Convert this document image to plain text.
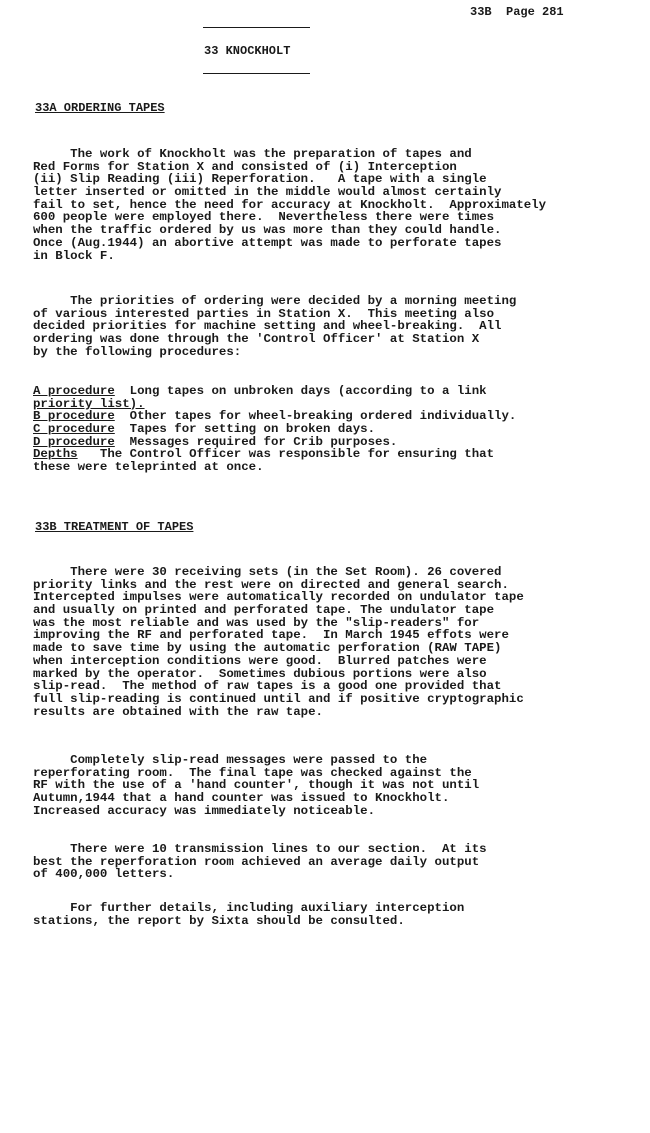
33B  Page 281
33 KNOCKHOLT
33A ORDERING TAPES
The work of Knockholt was the preparation of tapes and
Red Forms for Station X and consisted of (i) Interception
(ii) Slip Reading (iii) Reperforation.   A tape with a single
letter inserted or omitted in the middle would almost certainly
fail to set, hence the need for accuracy at Knockholt.  Approximately
600 people were employed there.  Nevertheless there were times
when the traffic ordered by us was more than they could handle.
Once (Aug.1944) an abortive attempt was made to perforate tapes
in Block F.
The priorities of ordering were decided by a morning meeting
of various interested parties in Station X.  This meeting also
decided priorities for machine setting and wheel-breaking.  All
ordering was done through the 'Control Officer' at Station X
by the following procedures:
A procedure  Long tapes on unbroken days (according to a link
priority list).
B procedure  Other tapes for wheel-breaking ordered individually.
C procedure  Tapes for setting on broken days.
D procedure  Messages required for Crib purposes.
Depths   The Control Officer was responsible for ensuring that
these were teleprinted at once.
33B TREATMENT OF TAPES
There were 30 receiving sets (in the Set Room). 26 covered
priority links and the rest were on directed and general search.
Intercepted impulses were automatically recorded on undulator tape
and usually on printed and perforated tape. The undulator tape
was the most reliable and was used by the "slip-readers" for
improving the RF and perforated tape.  In March 1945 effots were
made to save time by using the automatic perforation (RAW TAPE)
when interception conditions were good.  Blurred patches were
marked by the operator.  Sometimes dubious portions were also
slip-read.  The method of raw tapes is a good one provided that
full slip-reading is continued until and if positive cryptographic
results are obtained with the raw tape.
Completely slip-read messages were passed to the
reperforating room.  The final tape was checked against the
RF with the use of a 'hand counter', though it was not until
Autumn,1944 that a hand counter was issued to Knockholt.
Increased accuracy was immediately noticeable.
There were 10 transmission lines to our section.  At its
best the reperforation room achieved an average daily output
of 400,000 letters.
For further details, including auxiliary interception
stations, the report by Sixta should be consulted.
